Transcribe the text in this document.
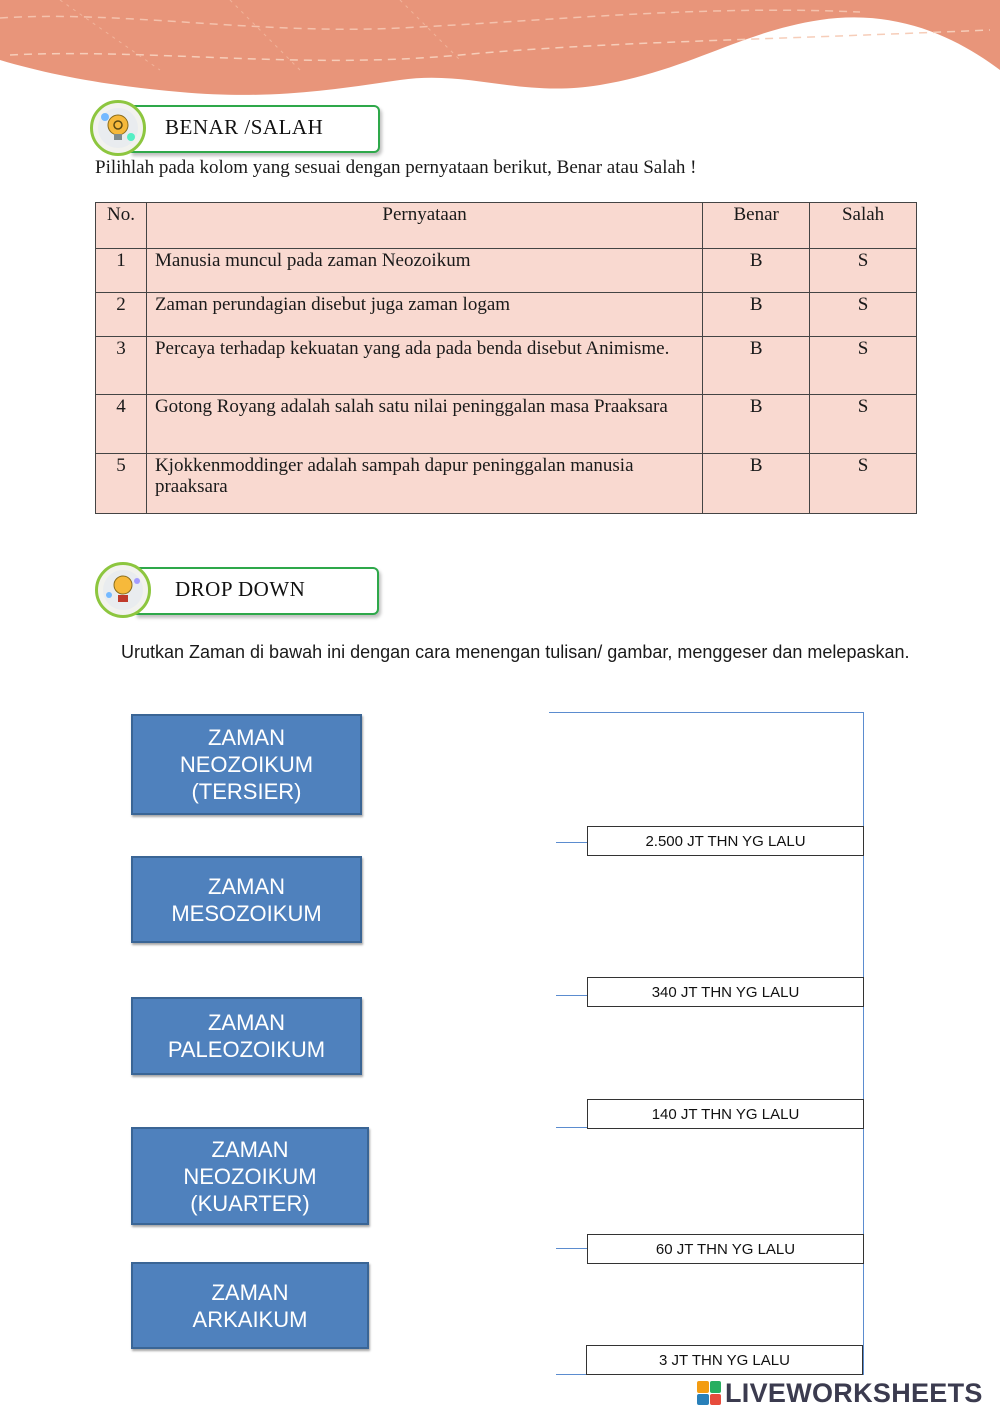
BENAR /SALAH
Pilihlah pada kolom yang sesuai dengan pernyataan berikut, Benar atau Salah !
No.	Pernyataan	Benar	Salah

1	Manusia muncul pada zaman Neozoikum	B	S

2	Zaman perundagian disebut juga zaman logam	B	S

3	Percaya terhadap kekuatan yang ada pada benda disebut Animisme.	B	S

4	Gotong Royang adalah salah satu nilai peninggalan masa Praaksara	B	S

5	Kjokkenmoddinger adalah sampah dapur peninggalan manusia praaksara	B	S
DROP DOWN
Urutkan Zaman di bawah ini dengan cara menengan tulisan/ gambar, menggeser dan melepaskan.
ZAMAN
NEOZOIKUM
(TERSIER)
ZAMAN
MESOZOIKUM
ZAMAN
PALEOZOIKUM
ZAMAN
NEOZOIKUM
(KUARTER)
ZAMAN
ARKAIKUM
2.500 JT THN YG LALU
340 JT THN YG LALU
140 JT THN YG LALU
60 JT THN YG LALU
3 JT THN YG LALU
LIVEWORKSHEETS
